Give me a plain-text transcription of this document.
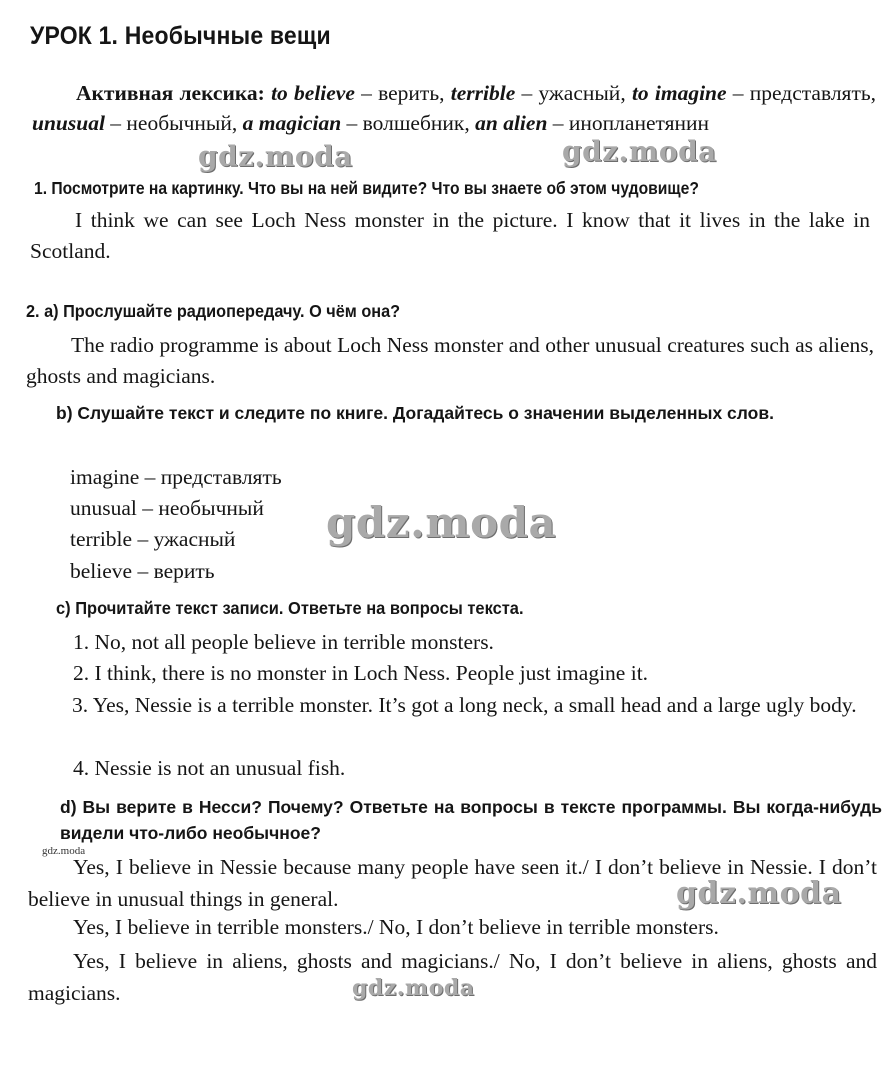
УРОК 1. Необычные вещи

Активная лексика: to believe – верить, terrible – ужасный, to imagine – представлять, unusual – необычный, a magician – волшебник, an alien – инопланетянин

1. Посмотрите на картинку. Что вы на ней видите? Что вы знаете об этом чудовище?

I think we can see Loch Ness monster in the picture. I know that it lives in the lake in Scotland.

2. а) Прослушайте радиопередачу. О чём она?

The radio programme is about Loch Ness monster and other unusual creatures such as aliens, ghosts and magicians.

b) Слушайте текст и следите по книге. Догадайтесь о значении выделенных слов.

imagine – представлять

unusual – необычный

terrible – ужасный

believe – верить

с) Прочитайте текст записи. Ответьте на вопросы текста.

1. No, not all people believe in terrible monsters.

2. I think, there is no monster in Loch Ness. People just imagine it.

3. Yes, Nessie is a terrible monster. It’s got a long neck, a small head and a large ugly body.

4. Nessie is not an unusual fish.

d) Вы верите в Несси? Почему? Ответьте на вопросы в тексте программы. Вы когда-нибудь видели что-либо необычное?

Yes, I believe in Nessie because many people have seen it./ I don’t believe in Nessie. I don’t believe in unusual things in general.

Yes, I believe in terrible monsters./ No, I don’t believe in terrible monsters.

Yes, I believe in aliens, ghosts and magicians./ No, I don’t believe in aliens, ghosts and magicians.

gdz.moda	gdz.moda
gdz.moda
gdz.moda
gdz.moda
gdz.moda
